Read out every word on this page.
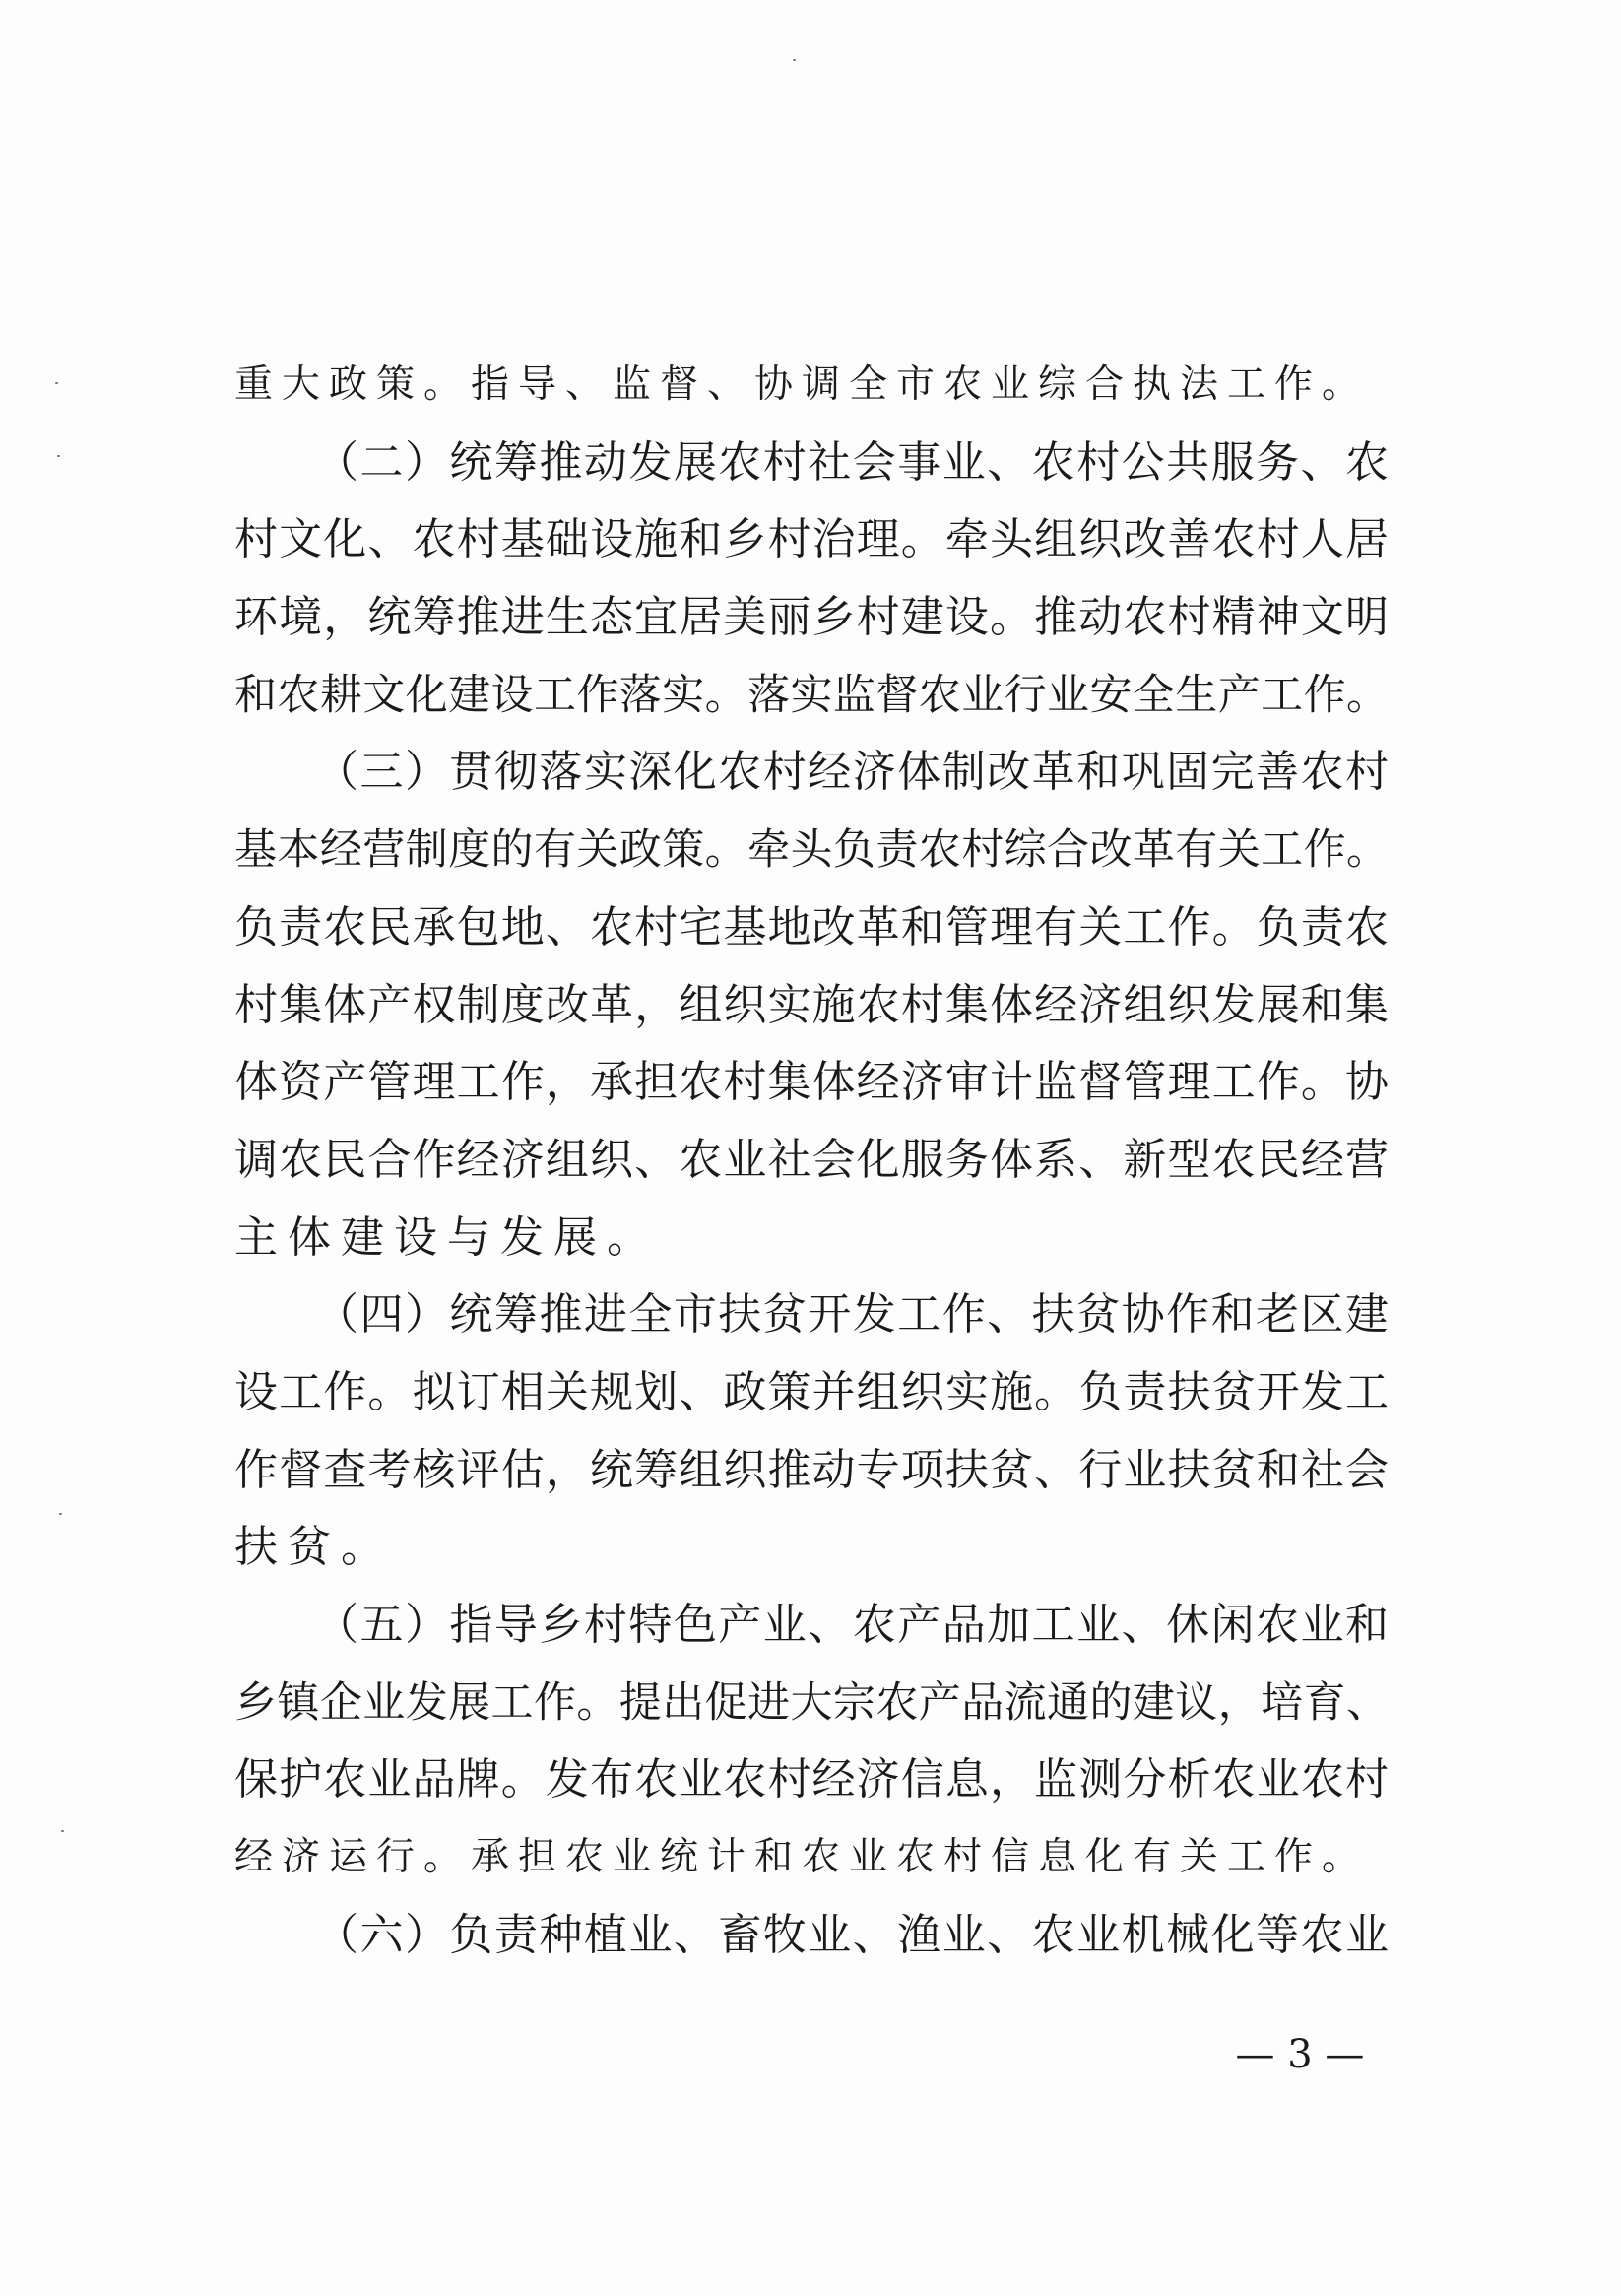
重大政策。指导、监督、协调全市农业综合执法工作。
（二）统筹推动发展农村社会事业、农村公共服务、农
村文化、农村基础设施和乡村治理。牵头组织改善农村人居
环境，统筹推进生态宜居美丽乡村建设。推动农村精神文明
和农耕文化建设工作落实。落实监督农业行业安全生产工作。
（三）贯彻落实深化农村经济体制改革和巩固完善农村
基本经营制度的有关政策。牵头负责农村综合改革有关工作。
负责农民承包地、农村宅基地改革和管理有关工作。负责农
村集体产权制度改革，组织实施农村集体经济组织发展和集
体资产管理工作，承担农村集体经济审计监督管理工作。协
调农民合作经济组织、农业社会化服务体系、新型农民经营
主体建设与发展。
（四）统筹推进全市扶贫开发工作、扶贫协作和老区建
设工作。拟订相关规划、政策并组织实施。负责扶贫开发工
作督查考核评估，统筹组织推动专项扶贫、行业扶贫和社会
扶贫。
（五）指导乡村特色产业、农产品加工业、休闲农业和
乡镇企业发展工作。提出促进大宗农产品流通的建议，培育、
保护农业品牌。发布农业农村经济信息，监测分析农业农村
经济运行。承担农业统计和农业农村信息化有关工作。
（六）负责种植业、畜牧业、渔业、农业机械化等农业
— 3 —
